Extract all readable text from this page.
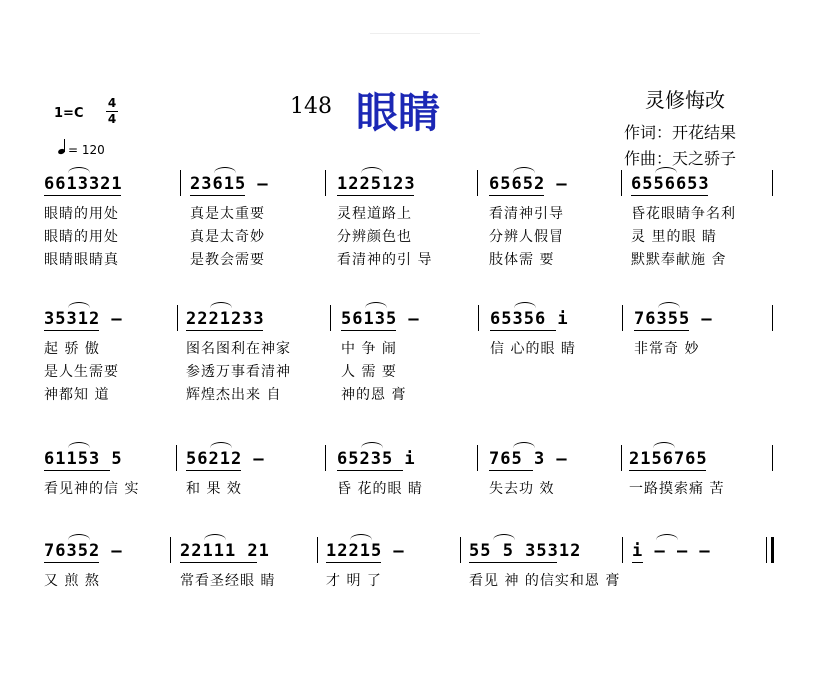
1=C
4
4
= 120
148 眼睛	灵修悔改
作词：开花结果
作曲：天之骄子
6613321	23615 –	1225123	65652 –	6556653
眼睛的用处	真是太重要	灵程道路上	看清神引导	昏花眼睛争名利
眼睛的用处	真是太奇妙	分辨颜色也	分辨人假冒	灵 里的眼 睛
眼睛眼睛真	是教会需要	看清神的引 导	肢体需 要	默默奉献施 舍
35312 –	2221233	56135 –	65356 i	76355 –
起 骄 傲	图名图利在神家	中 争 闹	信 心的眼 睛	非常奇 妙
是人生需要	参透万事看清神	人 需 要
神都知 道	辉煌杰出来 自	神的恩 膏
61153 5	56212 –	65235 i	765 3 –	2156765
看见神的信 实	和 果 效	昏 花的眼 睛	失去功 效	一路摸索痛 苦
76352 –	22111 21	12215 –	55 5 35312	i – – –
又 煎 熬	常看圣经眼 睛	才 明 了	看见 神 的信实和恩 膏
